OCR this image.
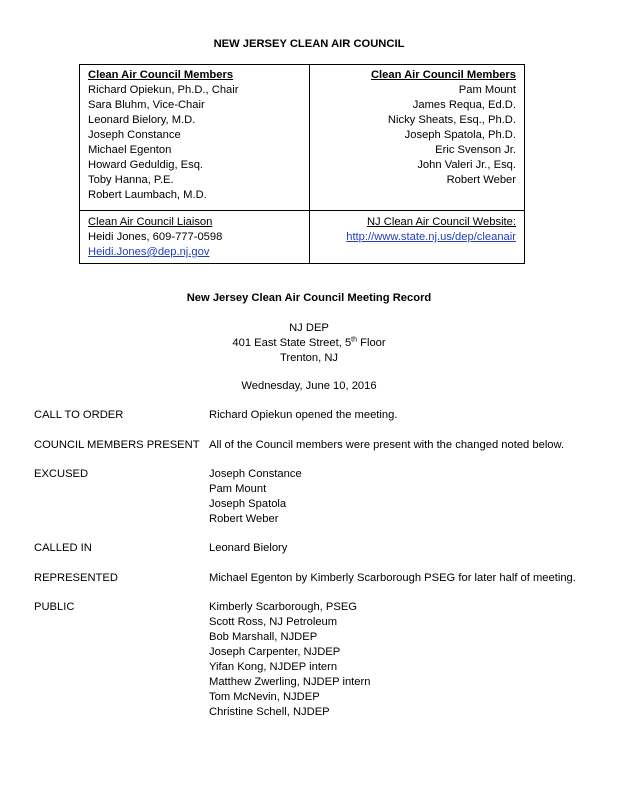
NEW JERSEY CLEAN AIR COUNCIL
Clean Air Council Members
Richard Opiekun, Ph.D., Chair
Sara Bluhm, Vice-Chair
Leonard Bielory, M.D.
Joseph Constance
Michael Egenton
Howard Geduldig, Esq.
Toby Hanna, P.E.
Robert Laumbach, M.D.
Clean Air Council Members
Pam Mount
James Requa, Ed.D.
Nicky Sheats, Esq., Ph.D.
Joseph Spatola, Ph.D.
Eric Svenson Jr.
John Valeri Jr., Esq.
Robert Weber
Clean Air Council Liaison
Heidi Jones, 609-777-0598
Heidi.Jones@dep.nj.gov
NJ Clean Air Council Website:
http://www.state.nj.us/dep/cleanair
New Jersey Clean Air Council Meeting Record
NJ DEP
401 East State Street, 5th Floor
Trenton, NJ
Wednesday, June 10, 2016
CALL TO ORDER	Richard Opiekun opened the meeting.
COUNCIL MEMBERS PRESENT All of the Council members were present with the changed noted below.
EXCUSED	Joseph Constance
Pam Mount
Joseph Spatola
Robert Weber
CALLED IN	Leonard Bielory
REPRESENTED	Michael Egenton by Kimberly Scarborough PSEG for later half of meeting.
PUBLIC	Kimberly Scarborough, PSEG
Scott Ross, NJ Petroleum
Bob Marshall, NJDEP
Joseph Carpenter, NJDEP
Yifan Kong, NJDEP intern
Matthew Zwerling, NJDEP intern
Tom McNevin, NJDEP
Christine Schell, NJDEP
